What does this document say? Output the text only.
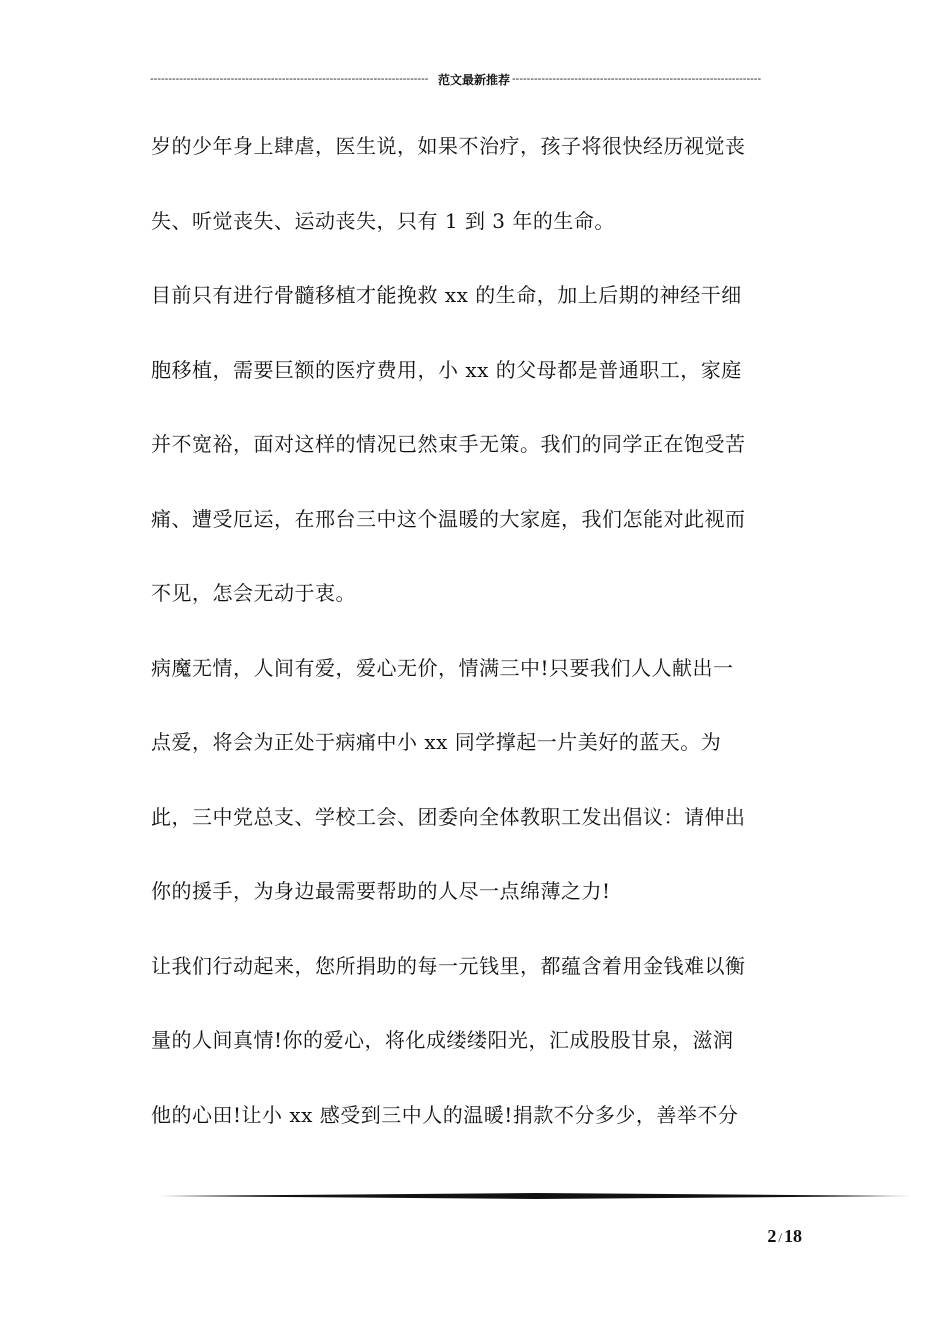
---------------------------------------------------------------------------- 范文最新推荐 --------------------------------------------------------------------
岁的少年身上肆虐，医生说，如果不治疗，孩子将很快经历视觉丧
失、听觉丧失、运动丧失，只有 1 到 3 年的生命。
目前只有进行骨髓移植才能挽救 xx 的生命，加上后期的神经干细
胞移植，需要巨额的医疗费用，小 xx 的父母都是普通职工，家庭
并不宽裕，面对这样的情况已然束手无策。我们的同学正在饱受苦
痛、遭受厄运，在邢台三中这个温暖的大家庭，我们怎能对此视而
不见，怎会无动于衷。
病魔无情，人间有爱，爱心无价，情满三中!只要我们人人献出一
点爱，将会为正处于病痛中小 xx 同学撑起一片美好的蓝天。为
此，三中党总支、学校工会、团委向全体教职工发出倡议：请伸出
你的援手，为身边最需要帮助的人尽一点绵薄之力!
让我们行动起来，您所捐助的每一元钱里，都蕴含着用金钱难以衡
量的人间真情!你的爱心，将化成缕缕阳光，汇成股股甘泉，滋润
他的心田!让小 xx 感受到三中人的温暖!捐款不分多少，善举不分
2 / 18
